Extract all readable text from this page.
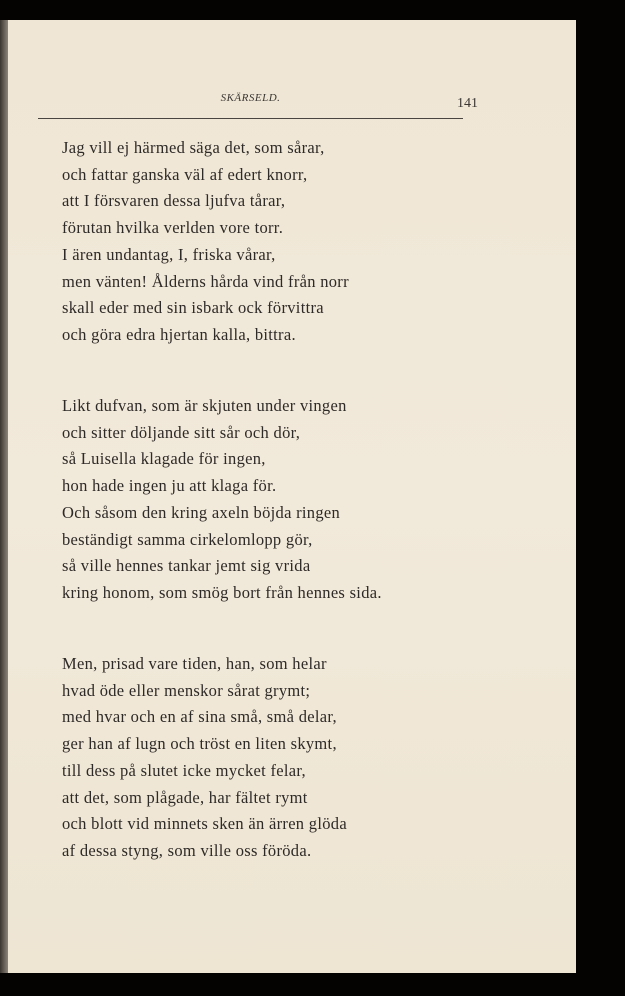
SKÄRSELD.	141
Jag vill ej härmed säga det, som sårar,
och fattar ganska väl af edert knorr,
att I försvaren dessa ljufva tårar,
förutan hvilka verlden vore torr.
I ären undantag, I, friska vårar,
men vänten! Ålderns hårda vind från norr
skall eder med sin isbark ock förvittra
och göra edra hjertan kalla, bittra.
Likt dufvan, som är skjuten under vingen
och sitter döljande sitt sår och dör,
så Luisella klagade för ingen,
hon hade ingen ju att klaga för.
Och såsom den kring axeln böjda ringen
beständigt samma cirkelomlopp gör,
så ville hennes tankar jemt sig vrida
kring honom, som smög bort från hennes sida.
Men, prisad vare tiden, han, som helar
hvad öde eller menskor sårat grymt;
med hvar och en af sina små, små delar,
ger han af lugn och tröst en liten skymt,
till dess på slutet icke mycket felar,
att det, som plågade, har fältet rymt
och blott vid minnets sken än ärren glöda
af dessa styng, som ville oss föröda.
